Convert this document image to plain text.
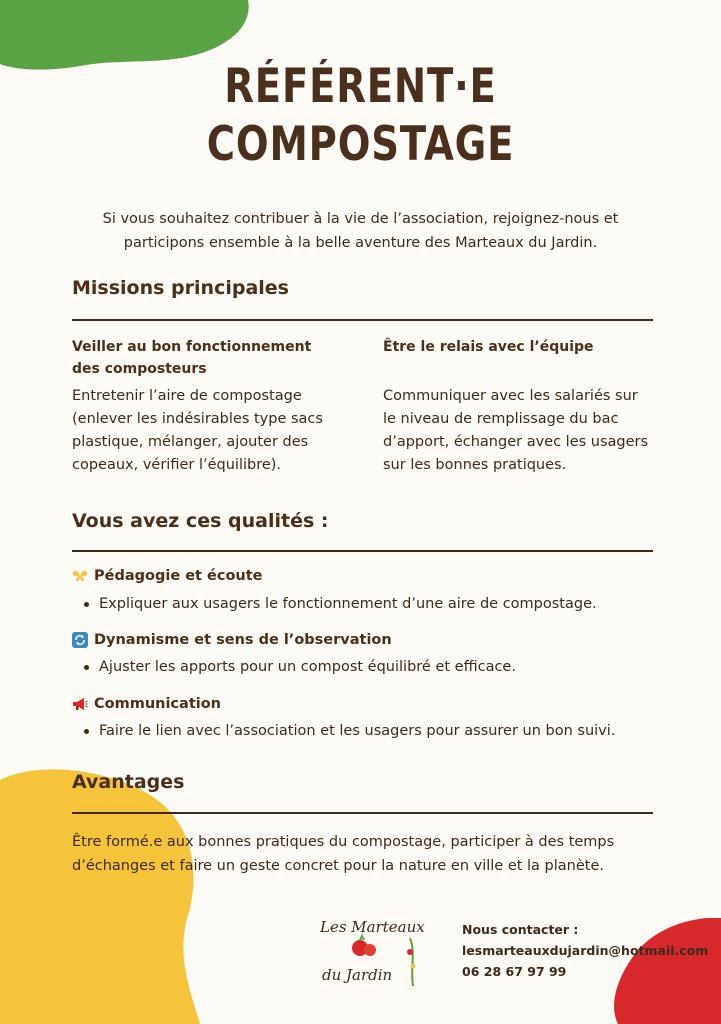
RÉFÉRENT·E
COMPOSTAGE
Si vous souhaitez contribuer à la vie de l’association, rejoignez-nous et participons ensemble à la belle aventure des Marteaux du Jardin.
Missions principales
Veiller au bon fonctionnement des composteurs
Entretenir l’aire de compostage (enlever les indésirables type sacs plastique, mélanger, ajouter des copeaux, vérifier l’équilibre).
Être le relais avec l’équipe
Communiquer avec les salariés sur le niveau de remplissage du bac d’apport, échanger avec les usagers sur les bonnes pratiques.
Vous avez ces qualités :
Pédagogie et écoute
Expliquer aux usagers le fonctionnement d’une aire de compostage.
Dynamisme et sens de l’observation
Ajuster les apports pour un compost équilibré et efficace.
Communication
Faire le lien avec l’association et les usagers pour assurer un bon suivi.
Avantages
Être formé.e aux bonnes pratiques du compostage, participer à des temps d’échanges et faire un geste concret pour la nature en ville et la planète.
Les Marteaux
du Jardin
Nous contacter :
lesmarteauxdujardin@hotmail.com
06 28 67 97 99
